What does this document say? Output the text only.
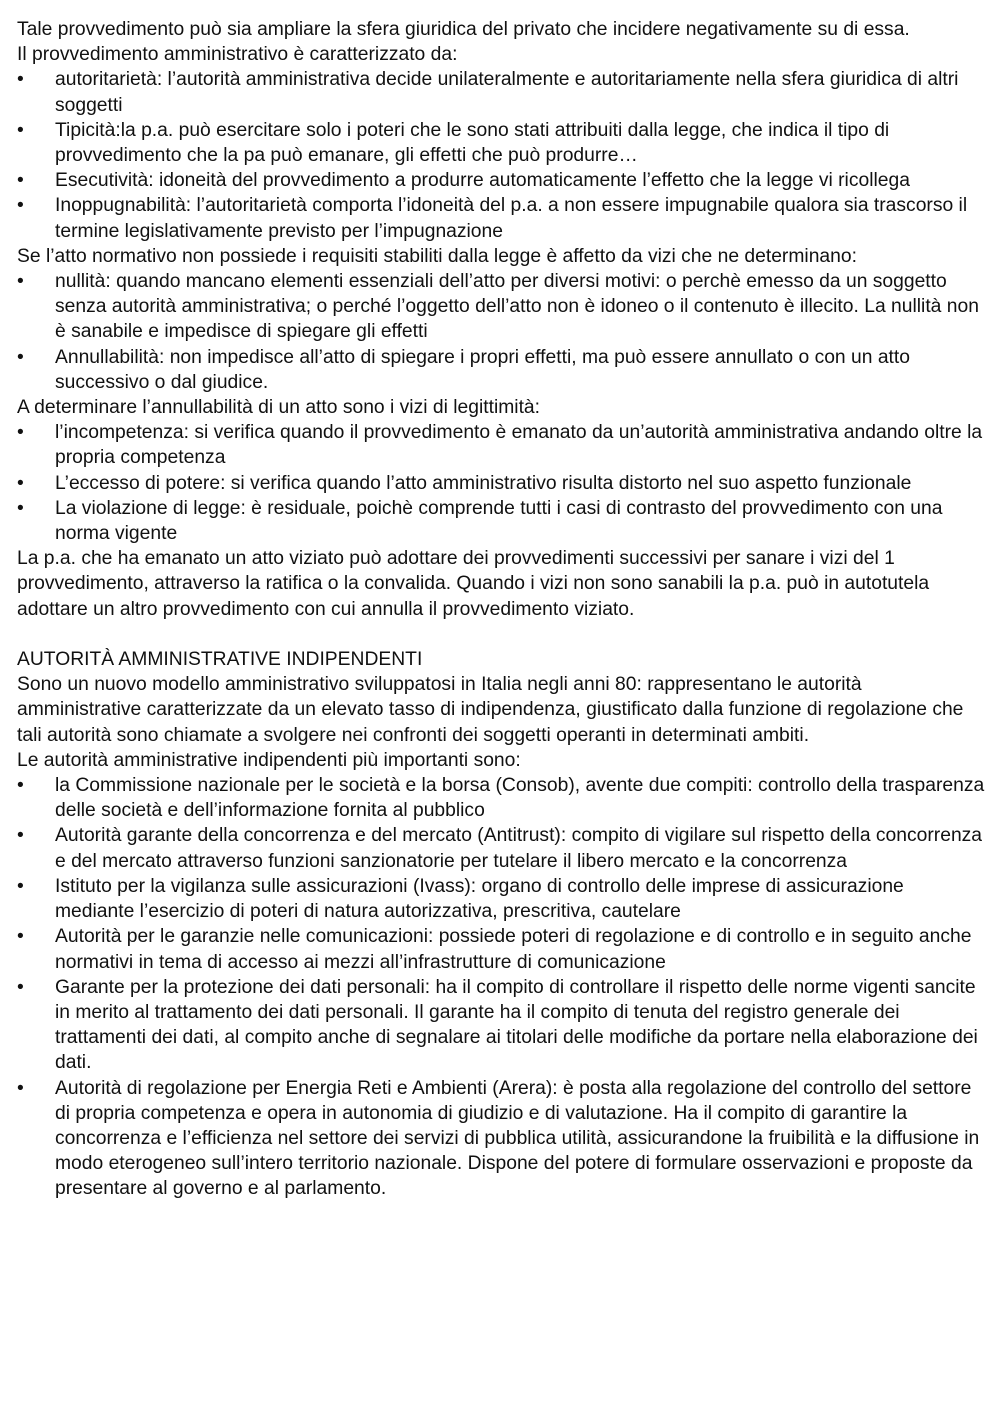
Tale provvedimento può sia ampliare la sfera giuridica del privato che incidere negativamente su di essa.

Il provvedimento amministrativo è caratterizzato da:

•	autoritarietà: l’autorità amministrativa decide unilateralmente e autoritariamente nella sfera giuridica di altri soggetti
•	Tipicità:la p.a. può esercitare solo i poteri che le sono stati attribuiti dalla legge, che indica il tipo di provvedimento che la pa può emanare, gli effetti che può produrre…
•	Esecutività: idoneità del provvedimento a produrre automaticamente l’effetto che la legge vi ricollega
•	Inoppugnabilità: l’autoritarietà comporta l’idoneità del p.a. a non essere impugnabile qualora sia trascorso il termine legislativamente previsto per l’impugnazione

Se l’atto normativo non possiede i requisiti stabiliti dalla legge è affetto da vizi che ne determinano:

•	nullità: quando mancano elementi essenziali dell’atto per diversi motivi: o perchè emesso da un soggetto senza autorità amministrativa; o perché l’oggetto dell’atto non è idoneo o il contenuto è illecito. La nullità non è sanabile e impedisce di spiegare gli effetti
•	Annullabilità: non impedisce all’atto di spiegare i propri effetti, ma può essere annullato o con un atto successivo o dal giudice.

A determinare l’annullabilità di un atto sono i vizi di legittimità:

•	l’incompetenza: si verifica quando il provvedimento è emanato da un’autorità amministrativa andando oltre la propria competenza
•	L’eccesso di potere: si verifica quando l’atto amministrativo risulta distorto nel suo aspetto funzionale
•	La violazione di legge: è residuale, poichè comprende tutti i casi di contrasto del provvedimento con una norma vigente

La p.a. che ha emanato un atto viziato può adottare dei provvedimenti successivi per sanare i vizi del 1 provvedimento, attraverso la ratifica o la convalida. Quando i vizi non sono sanabili la p.a. può in autotutela adottare un altro provvedimento con cui annulla il provvedimento viziato.

AUTORITÀ AMMINISTRATIVE INDIPENDENTI

Sono un nuovo modello amministrativo sviluppatosi in Italia negli anni 80: rappresentano le autorità amministrative caratterizzate da un elevato tasso di indipendenza, giustificato dalla funzione di regolazione che tali autorità sono chiamate a svolgere nei confronti dei soggetti operanti in determinati ambiti.

Le autorità amministrative indipendenti più importanti sono:

•	la Commissione nazionale per le società e la borsa (Consob), avente due compiti: controllo della trasparenza delle società e dell’informazione fornita al pubblico
•	Autorità garante della concorrenza e del mercato (Antitrust): compito di vigilare sul rispetto della concorrenza e del mercato attraverso funzioni sanzionatorie per tutelare il libero mercato e la concorrenza
•	Istituto per la vigilanza sulle assicurazioni (Ivass): organo di controllo delle imprese di assicurazione mediante l’esercizio di poteri di natura autorizzativa, prescritiva, cautelare
•	Autorità per le garanzie nelle comunicazioni: possiede poteri di regolazione e di controllo e in seguito anche normativi in tema di accesso ai mezzi all’infrastrutture di comunicazione
•	Garante per la protezione dei dati personali: ha il compito di controllare il rispetto delle norme vigenti sancite in merito al trattamento dei dati personali. Il garante ha il compito di tenuta del registro generale dei trattamenti dei dati, al compito anche di segnalare ai titolari delle modifiche da portare nella elaborazione dei dati.
•	Autorità di regolazione per Energia Reti e Ambienti (Arera): è posta alla regolazione del controllo del settore di propria competenza e opera in autonomia di giudizio e di valutazione. Ha il compito di garantire la concorrenza e l’efficienza nel settore dei servizi di pubblica utilità, assicurandone la fruibilità e la diffusione in modo eterogeneo sull’intero territorio nazionale. Dispone del potere di formulare osservazioni e proposte da presentare al governo e al parlamento.
